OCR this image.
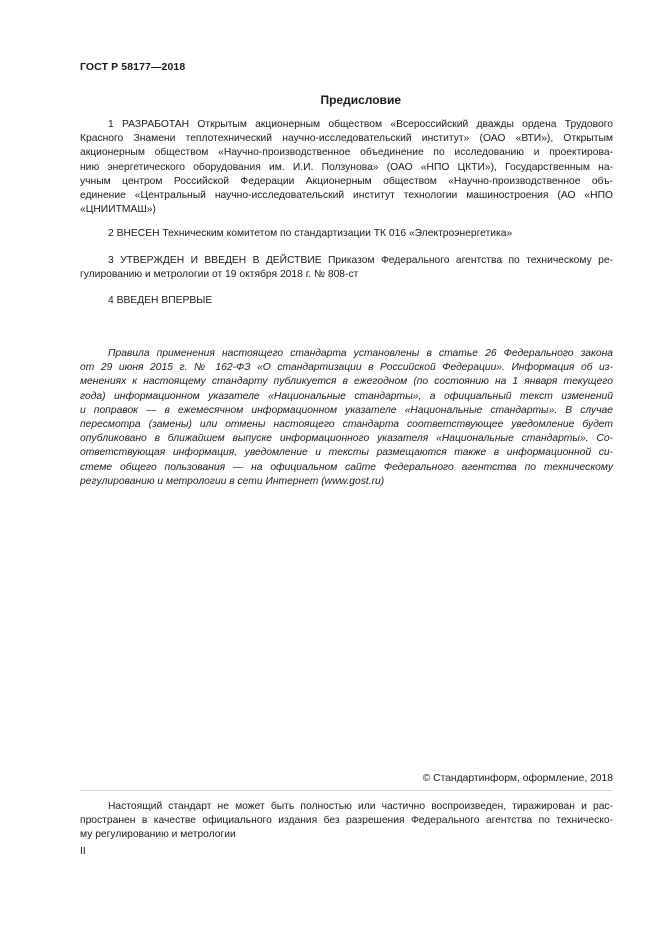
ГОСТ Р 58177—2018
Предисловие
1 РАЗРАБОТАН Открытым акционерным обществом «Всероссийский дважды ордена Трудового
Красного Знамени теплотехнический научно-исследовательский институт» (ОАО «ВТИ»), Открытым
акционерным обществом «Научно-производственное объединение по исследованию и проектирова-
нию энергетического оборудования им. И.И. Ползунова» (ОАО «НПО ЦКТИ»), Государственным на-
учным центром Российской Федерации Акционерным обществом «Научно-производственное объ-
единение «Центральный научно-исследовательский институт технологии машиностроения (АО «НПО
«ЦНИИТМАШ»)
2 ВНЕСЕН Техническим комитетом по стандартизации ТК 016 «Электроэнергетика»
3 УТВЕРЖДЕН И ВВЕДЕН В ДЕЙСТВИЕ Приказом Федерального агентства по техническому ре-
гулированию и метрологии от 19 октября 2018 г. № 808-ст
4 ВВЕДЕН ВПЕРВЫЕ
Правила применения настоящего стандарта установлены в статье 26 Федерального закона
от 29 июня 2015 г. № 162-ФЗ «О стандартизации в Российской Федерации». Информация об из-
менениях к настоящему стандарту публикуется в ежегодном (по состоянию на 1 января текущего
года) информационном указателе «Национальные стандарты», а официальный текст изменений
и поправок — в ежемесячном информационном указателе «Национальные стандарты». В случае
пересмотра (замены) или отмены настоящего стандарта соответствующее уведомление будет
опубликовано в ближайшем выпуске информационного указателя «Национальные стандарты». Со-
ответствующая информация, уведомление и тексты размещаются также в информационной си-
стеме общего пользования — на официальном сайте Федерального агентства по техническому
регулированию и метрологии в сети Интернет (www.gost.ru)
© Стандартинформ, оформление, 2018
Настоящий стандарт не может быть полностью или частично воспроизведен, тиражирован и рас-
пространен в качестве официального издания без разрешения Федерального агентства по техническо-
му регулированию и метрологии
II
